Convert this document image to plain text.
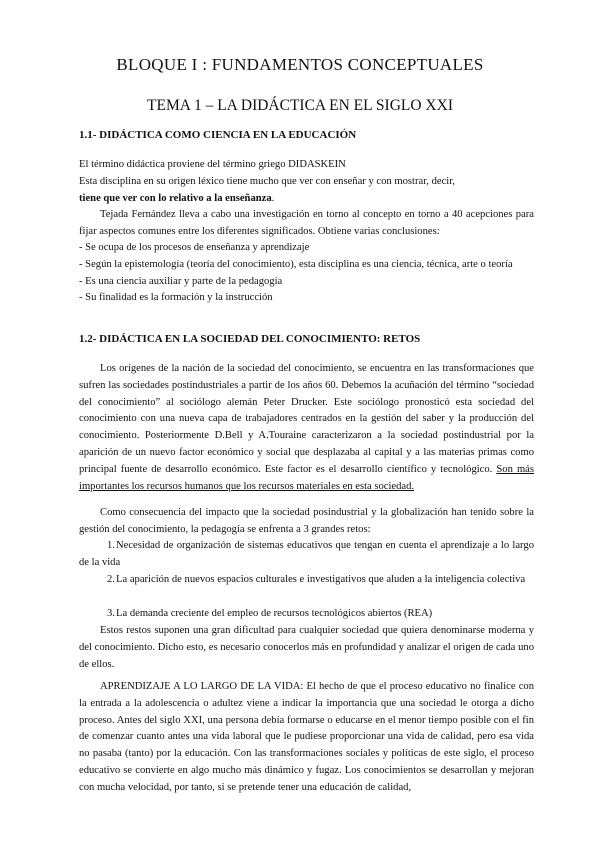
BLOQUE I : FUNDAMENTOS CONCEPTUALES
TEMA 1 – LA DIDÁCTICA EN EL SIGLO XXI
1.1- DIDÁCTICA COMO CIENCIA EN LA EDUCACIÓN
El término didáctica proviene del término griego DIDASKEIN
Esta disciplina en su origen léxico tiene mucho que ver con enseñar y con mostrar, decir,
tiene que ver con lo relativo a la enseñanza.

Tejada Fernández lleva a cabo una investigación en torno al concepto en torno a 40 acepciones para fijar aspectos comunes entre los diferentes significados. Obtiene varias conclusiones:

- Se ocupa de los procesos de enseñanza y aprendizaje
- Según la epistemología (teoría del conocimiento), esta disciplina es una ciencia, técnica, arte o teoría
- Es una ciencia auxiliar y parte de la pedagogía
- Su finalidad es la formación y la instrucción
1.2- DIDÁCTICA EN LA SOCIEDAD DEL CONOCIMIENTO: RETOS

Los orígenes de la nación de la sociedad del conocimiento, se encuentra en las transformaciones que sufren las sociedades postindustriales a partir de los años 60. Debemos la acuñación del término “sociedad del conocimiento” al sociólogo alemán Peter Drucker. Este sociólogo pronosticó esta sociedad del conocimiento con una nueva capa de trabajadores centrados en la gestión del saber y la producción del conocimiento. Posteriormente D.Bell y A.Touraine caracterizaron a la sociedad postindustrial por la aparición de un nuevo factor económico y social que desplazaba al capital y a las materias primas como principal fuente de desarrollo económico. Este factor es el desarrollo científico y tecnológico. Son más importantes los recursos humanos que los recursos materiales en esta sociedad.

Como consecuencia del impacto que la sociedad posindustrial y la globalización han tenido sobre la gestión del conocimiento, la pedagogía se enfrenta a 3 grandes retos:

1. Necesidad de organización de sistemas educativos que tengan en cuenta el aprendizaje a lo largo de la vida
2. La aparición de nuevos espacios culturales e investigativos que aluden a la inteligencia colectiva
3. La demanda creciente del empleo de recursos tecnológicos abiertos (REA)

Estos restos suponen una gran dificultad para cualquier sociedad que quiera denominarse moderna y del conocimiento. Dicho esto, es necesario conocerlos más en profundidad y analizar el origen de cada uno de ellos.

APRENDIZAJE A LO LARGO DE LA VIDA: El hecho de que el proceso educativo no finalice con la entrada a la adolescencia o adultez viene a indicar la importancia que una sociedad le otorga a dicho proceso. Antes del siglo XXI, una persona debía formarse o educarse en el menor tiempo posible con el fin de comenzar cuanto antes una vida laboral que le pudiese proporcionar una vida de calidad, pero esa vida no pasaba (tanto) por la educación. Con las transformaciones sociales y políticas de este siglo, el proceso educativo se convierte en algo mucho más dinámico y fugaz. Los conocimientos se desarrollan y mejoran con mucha velocidad, por tanto, si se pretende tener una educación de calidad,
